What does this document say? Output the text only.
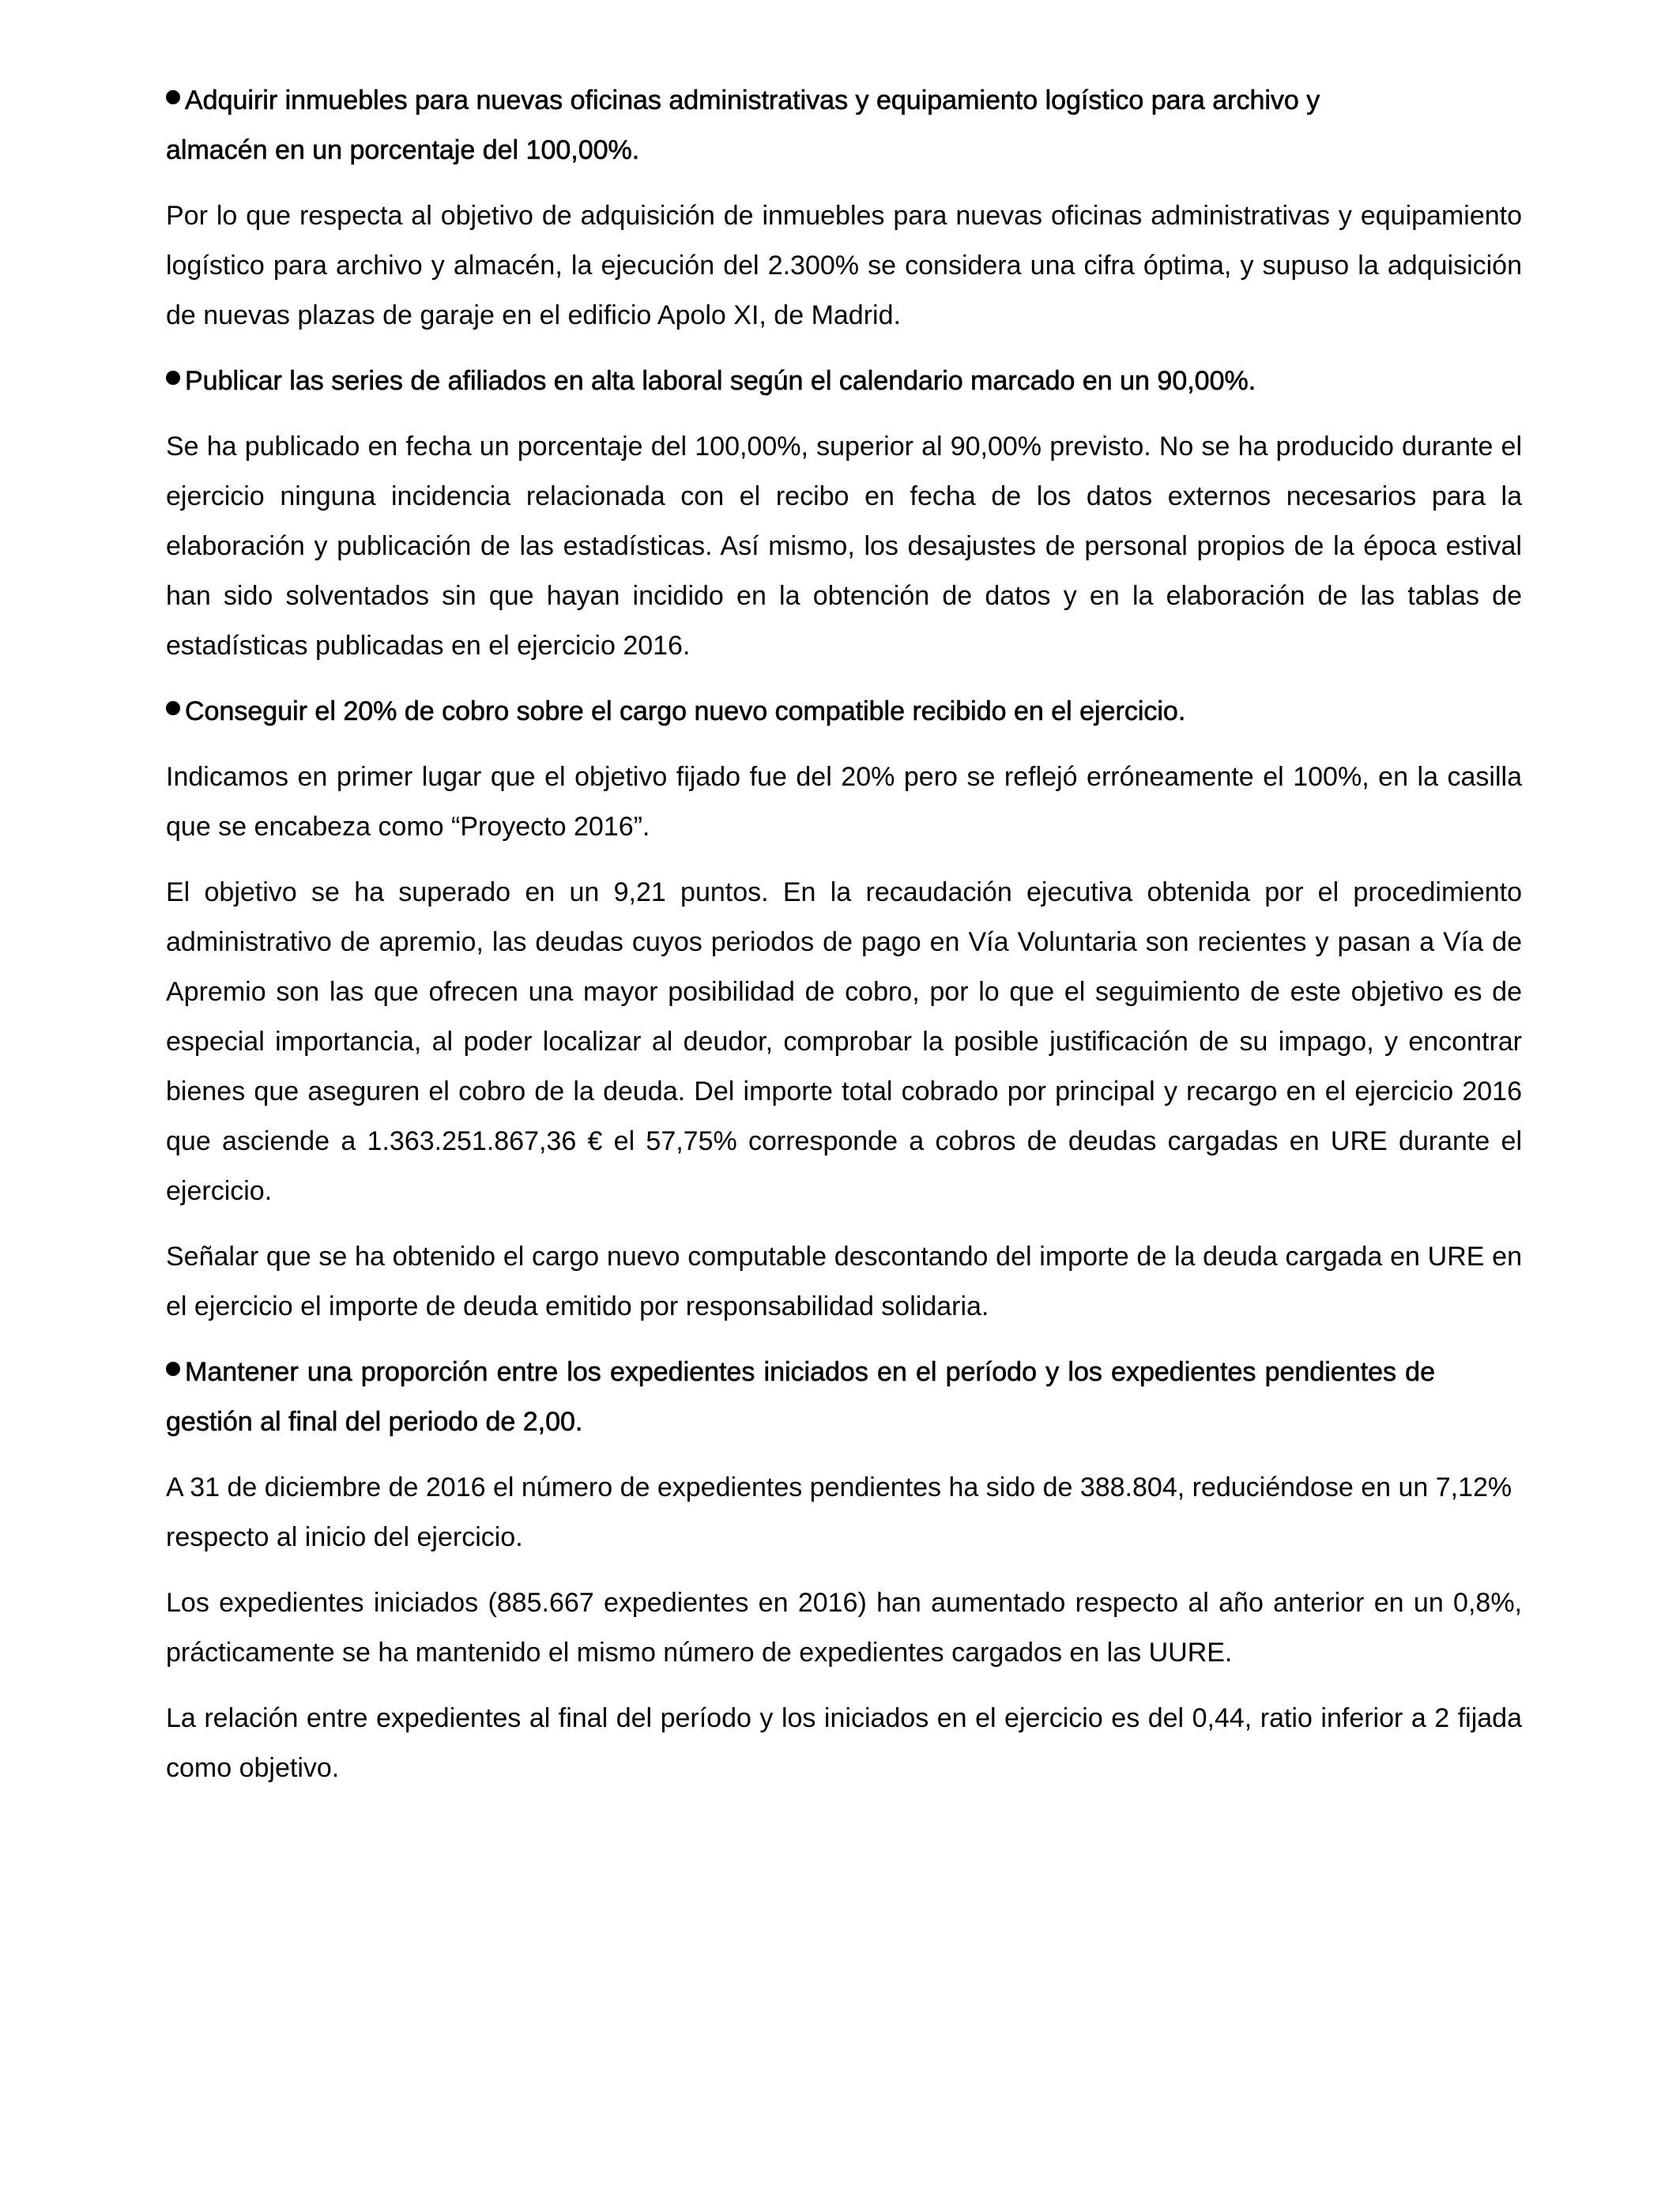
Adquirir inmuebles para nuevas oficinas administrativas y equipamiento logístico para archivo y almacén en un porcentaje del 100,00%.

Por lo que respecta al objetivo de adquisición de inmuebles para nuevas oficinas administrativas y equipamiento logístico para archivo y almacén, la ejecución del 2.300% se considera una cifra óptima, y supuso la adquisición de nuevas plazas de garaje en el edificio Apolo XI, de Madrid.

Publicar las series de afiliados en alta laboral según el calendario marcado en un 90,00%.

Se ha publicado en fecha un porcentaje del 100,00%, superior al 90,00% previsto. No se ha producido durante el ejercicio ninguna incidencia relacionada con el recibo en fecha de los datos externos necesarios para la elaboración y publicación de las estadísticas. Así mismo, los desajustes de personal propios de la época estival han sido solventados sin que hayan incidido en la obtención de datos y en la elaboración de las tablas de estadísticas publicadas en el ejercicio 2016.

Conseguir el 20% de cobro sobre el cargo nuevo compatible recibido en el ejercicio.

Indicamos en primer lugar que el objetivo fijado fue del 20% pero se reflejó erróneamente el 100%, en la casilla que se encabeza como “Proyecto 2016”.

El objetivo se ha superado en un 9,21 puntos. En la recaudación ejecutiva obtenida por el procedimiento administrativo de apremio, las deudas cuyos periodos de pago en Vía Voluntaria son recientes y pasan a Vía de Apremio son las que ofrecen una mayor posibilidad de cobro, por lo que el seguimiento de este objetivo es de especial importancia, al poder localizar al deudor, comprobar la posible justificación de su impago, y encontrar bienes que aseguren el cobro de la deuda. Del importe total cobrado por principal y recargo en el ejercicio 2016 que asciende a 1.363.251.867,36 € el 57,75% corresponde a cobros de deudas cargadas en URE durante el ejercicio.

Señalar que se ha obtenido el cargo nuevo computable descontando del importe de la deuda cargada en URE en el ejercicio el importe de deuda emitido por responsabilidad solidaria.

Mantener una proporción entre los expedientes iniciados en el período y los expedientes pendientes de gestión al final del periodo de 2,00.

A 31 de diciembre de 2016 el número de expedientes pendientes ha sido de 388.804, reduciéndose en un 7,12% respecto al inicio del ejercicio.

Los expedientes iniciados (885.667 expedientes en 2016) han aumentado respecto al año anterior en un 0,8%, prácticamente se ha mantenido el mismo número de expedientes cargados en las UURE.

La relación entre expedientes al final del período y los iniciados en el ejercicio es del 0,44, ratio inferior a 2 fijada como objetivo.
